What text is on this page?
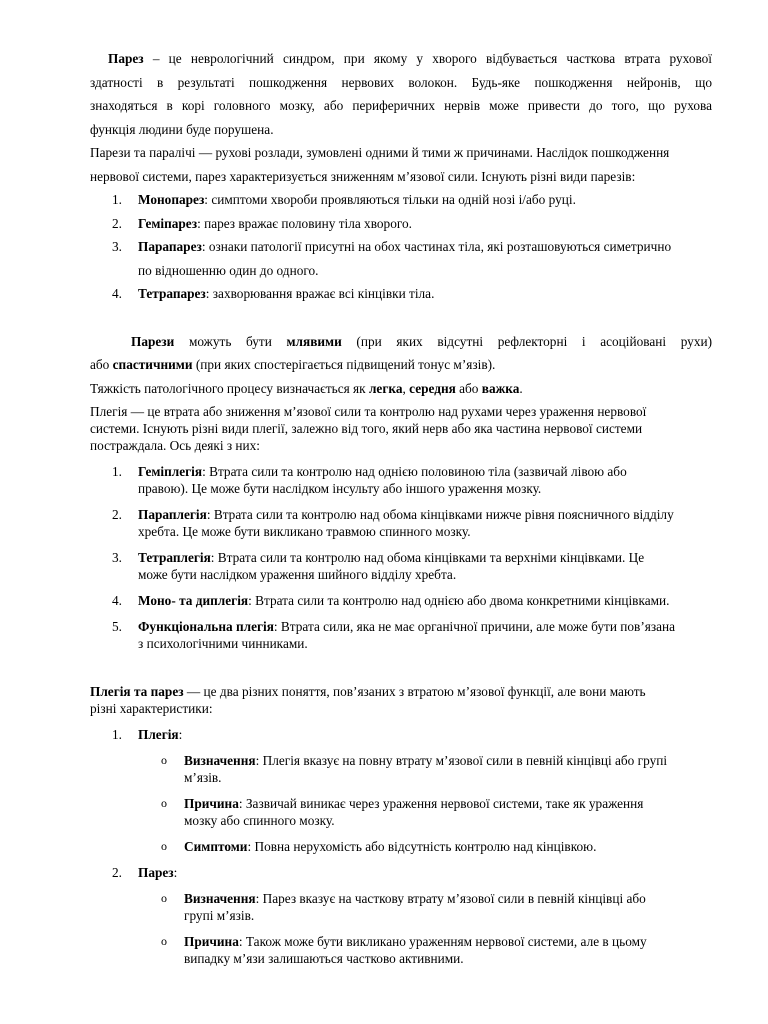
Парез – це неврологічний синдром, при якому у хворого відбувається часткова втрата рухової

здатності в результаті пошкодження нервових волокон. Будь-яке пошкодження нейронів, що

знаходяться в корі головного мозку, або периферичних нервів може привести до того, що рухова

функція людини буде порушена.

Парези та паралічі — рухові розлади, зумовлені одними й тими ж причинами. Наслідок пошкодження

нервової системи, парез характеризується зниженням м’язової сили. Існують різні види парезів:

1. Монопарез: симптоми хвороби проявляються тільки на одній нозі і/або руці.
2. Геміпарез: парез вражає половину тіла хворого.
3. Парапарез: ознаки патології присутні на обох частинах тіла, які розташовуються симетрично
по відношенню один до одного.
4. Тетрапарез: захворювання вражає всі кінцівки тіла.

Парези можуть бути млявими (при яких відсутні рефлекторні і асоційовані рухи)

або спастичними (при яких спостерігається підвищений тонус м’язів).

Тяжкість патологічного процесу визначається як легка, середня або важка.

Плегія — це втрата або зниження м’язової сили та контролю над рухами через ураження нервової

системи. Існують різні види плегії, залежно від того, який нерв або яка частина нервової системи

постраждала. Ось деякі з них:

1. Геміплегія: Втрата сили та контролю над однією половиною тіла (зазвичай лівою або
правою). Це може бути наслідком інсульту або іншого ураження мозку.
2. Параплегія: Втрата сили та контролю над обома кінцівками нижче рівня поясничного відділу
хребта. Це може бути викликано травмою спинного мозку.
3. Тетраплегія: Втрата сили та контролю над обома кінцівками та верхніми кінцівками. Це
може бути наслідком ураження шийного відділу хребта.
4. Моно- та диплегія: Втрата сили та контролю над однією або двома конкретними кінцівками.
5. Функціональна плегія: Втрата сили, яка не має органічної причини, але може бути пов’язана
з психологічними чинниками.

Плегія та парез — це два різних поняття, пов’язаних з втратою м’язової функції, але вони мають

різні характеристики:

1. Плегія:
o Визначення: Плегія вказує на повну втрату м’язової сили в певній кінцівці або групі
м’язів.
o Причина: Зазвичай виникає через ураження нервової системи, таке як ураження
мозку або спинного мозку.
o Симптоми: Повна нерухомість або відсутність контролю над кінцівкою.
2. Парез:
o Визначення: Парез вказує на часткову втрату м’язової сили в певній кінцівці або
групі м’язів.
o Причина: Також може бути викликано ураженням нервової системи, але в цьому
випадку м’язи залишаються частково активними.
